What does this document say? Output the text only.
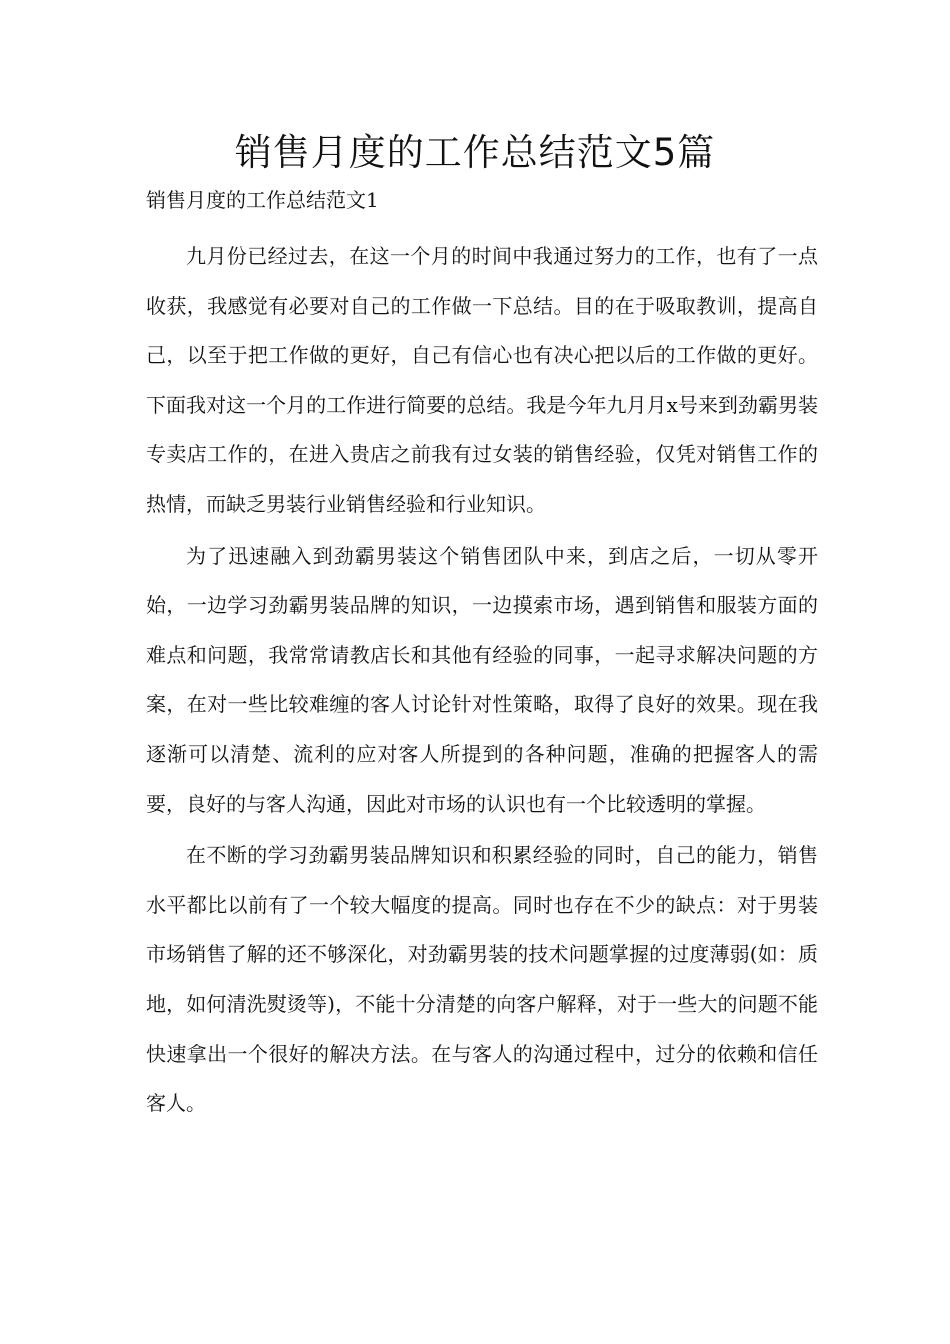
销售月度的工作总结范文5篇

销售月度的工作总结范文1

九月份已经过去，在这一个月的时间中我通过努力的工作，也有了一点收获，我感觉有必要对自己的工作做一下总结。目的在于吸取教训，提高自己，以至于把工作做的更好，自己有信心也有决心把以后的工作做的更好。下面我对这一个月的工作进行简要的总结。我是今年九月月x号来到劲霸男装专卖店工作的，在进入贵店之前我有过女装的销售经验，仅凭对销售工作的热情，而缺乏男装行业销售经验和行业知识。

为了迅速融入到劲霸男装这个销售团队中来，到店之后，一切从零开始，一边学习劲霸男装品牌的知识，一边摸索市场，遇到销售和服装方面的难点和问题，我常常请教店长和其他有经验的同事，一起寻求解决问题的方案，在对一些比较难缠的客人讨论针对性策略，取得了良好的效果。现在我逐渐可以清楚、流利的应对客人所提到的各种问题，准确的把握客人的需要，良好的与客人沟通，因此对市场的认识也有一个比较透明的掌握。

在不断的学习劲霸男装品牌知识和积累经验的同时，自己的能力，销售水平都比以前有了一个较大幅度的提高。同时也存在不少的缺点：对于男装市场销售了解的还不够深化，对劲霸男装的技术问题掌握的过度薄弱(如：质地，如何清洗熨烫等)，不能十分清楚的向客户解释，对于一些大的问题不能快速拿出一个很好的解决方法。在与客人的沟通过程中，过分的依赖和信任客人。
